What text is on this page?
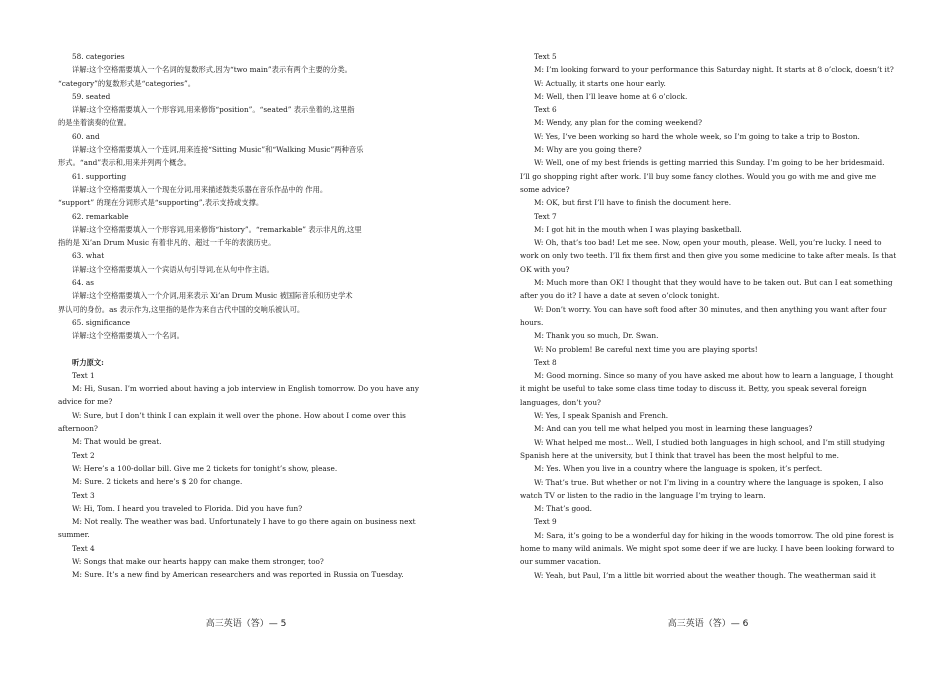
58. categories

详解:这个空格需要填入一个名词的复数形式,因为“two main”表示有两个主要的分类。

“category”的复数形式是“categories”。

59. seated

详解:这个空格需要填入一个形容词,用来修饰“position”。“seated” 表示坐着的,这里指

的是坐着演奏的位置。

60. and

详解:这个空格需要填入一个连词,用来连接“Sitting Music”和“Walking Music”两种音乐

形式。“and”表示和,用来并列两个概念。

61. supporting

详解:这个空格需要填入一个现在分词,用来描述鼓类乐器在音乐作品中的 作用。

“support” 的现在分词形式是“supporting”,表示支持或支撑。

62. remarkable

详解:这个空格需要填入一个形容词,用来修饰“history”。“remarkable” 表示非凡的,这里

指的是 Xi’an Drum Music 有着非凡的、超过一千年的表演历史。

63. what

详解:这个空格需要填入一个宾语从句引导词,在从句中作主语。

64. as

详解:这个空格需要填入一个介词,用来表示 Xi’an Drum Music 被国际音乐和历史学术

界认可的身份。as 表示作为,这里指的是作为来自古代中国的交响乐被认可。

65. significance

详解:这个空格需要填入一个名词。

听力原文:

Text 1

M: Hi, Susan. I’m worried about having a job interview in English tomorrow. Do you have any

advice for me?

W: Sure, but I don’t think I can explain it well over the phone. How about I come over this

afternoon?

M: That would be great.

Text 2

W: Here’s a 100-dollar bill. Give me 2 tickets for tonight’s show, please.

M: Sure. 2 tickets and here’s $ 20 for change.

Text 3

W: Hi, Tom. I heard you traveled to Florida. Did you have fun?

M: Not really. The weather was bad. Unfortunately I have to go there again on business next

summer.

Text 4

W: Songs that make our hearts happy can make them stronger, too?

M: Sure. It’s a new find by American researchers and was reported in Russia on Tuesday.

Text 5

M: I’m looking forward to your performance this Saturday night. It starts at 8 o’clock, doesn’t it?

W: Actually, it starts one hour early.

M: Well, then I’ll leave home at 6 o’clock.

Text 6

M: Wendy, any plan for the coming weekend?

W: Yes, I’ve been working so hard the whole week, so I’m going to take a trip to Boston.

M: Why are you going there?

W: Well, one of my best friends is getting married this Sunday. I’m going to be her bridesmaid.

I’ll go shopping right after work. I’ll buy some fancy clothes. Would you go with me and give me

some advice?

M: OK, but first I’ll have to finish the document here.

Text 7

M: I got hit in the mouth when I was playing basketball.

W: Oh, that’s too bad! Let me see. Now, open your mouth, please. Well, you’re lucky. I need to

work on only two teeth. I’ll fix them first and then give you some medicine to take after meals. Is that

OK with you?

M: Much more than OK! I thought that they would have to be taken out. But can I eat something

after you do it? I have a date at seven o’clock tonight.

W: Don’t worry. You can have soft food after 30 minutes, and then anything you want after four

hours.

M: Thank you so much, Dr. Swan.

W: No problem! Be careful next time you are playing sports!

Text 8

M: Good morning. Since so many of you have asked me about how to learn a language, I thought

it might be useful to take some class time today to discuss it. Betty, you speak several foreign

languages, don’t you?

W: Yes, I speak Spanish and French.

M: And can you tell me what helped you most in learning these languages?

W: What helped me most... Well, I studied both languages in high school, and I’m still studying

Spanish here at the university, but I think that travel has been the most helpful to me.

M: Yes. When you live in a country where the language is spoken, it’s perfect.

W: That’s true. But whether or not I’m living in a country where the language is spoken, I also

watch TV or listen to the radio in the language I’m trying to learn.

M: That’s good.

Text 9

M: Sara, it’s going to be a wonderful day for hiking in the woods tomorrow. The old pine forest is

home to many wild animals. We might spot some deer if we are lucky. I have been looking forward to

our summer vacation.

W: Yeah, but Paul, I’m a little bit worried about the weather though. The weatherman said it

高三英语（答）— 5	高三英语（答）— 6
